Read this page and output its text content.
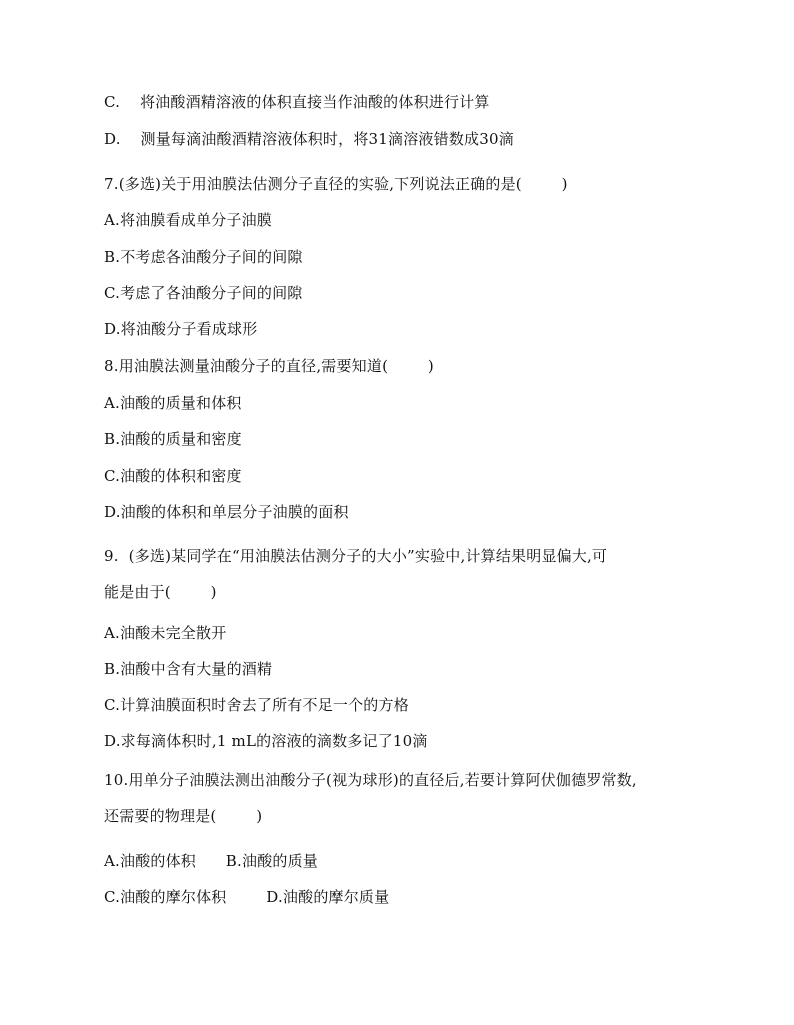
C.    将油酸酒精溶液的体积直接当作油酸的体积进行计算
D.    测量每滴油酸酒精溶液体积时，将31滴溶液错数成30滴
7.(多选)关于用油膜法估测分子直径的实验,下列说法正确的是(        )
A.将油膜看成单分子油膜
B.不考虑各油酸分子间的间隙
C.考虑了各油酸分子间的间隙
D.将油酸分子看成球形
8.用油膜法测量油酸分子的直径,需要知道(        )
A.油酸的质量和体积
B.油酸的质量和密度
C.油酸的体积和密度
D.油酸的体积和单层分子油膜的面积
9.  (多选)某同学在“用油膜法估测分子的大小”实验中,计算结果明显偏大,可
能是由于(        )
A.油酸未完全散开
B.油酸中含有大量的酒精
C.计算油膜面积时舍去了所有不足一个的方格
D.求每滴体积时,1 mL的溶液的滴数多记了10滴
10.用单分子油膜法测出油酸分子(视为球形)的直径后,若要计算阿伏伽德罗常数,
还需要的物理是(        )
A.油酸的体积      B.油酸的质量
C.油酸的摩尔体积        D.油酸的摩尔质量
